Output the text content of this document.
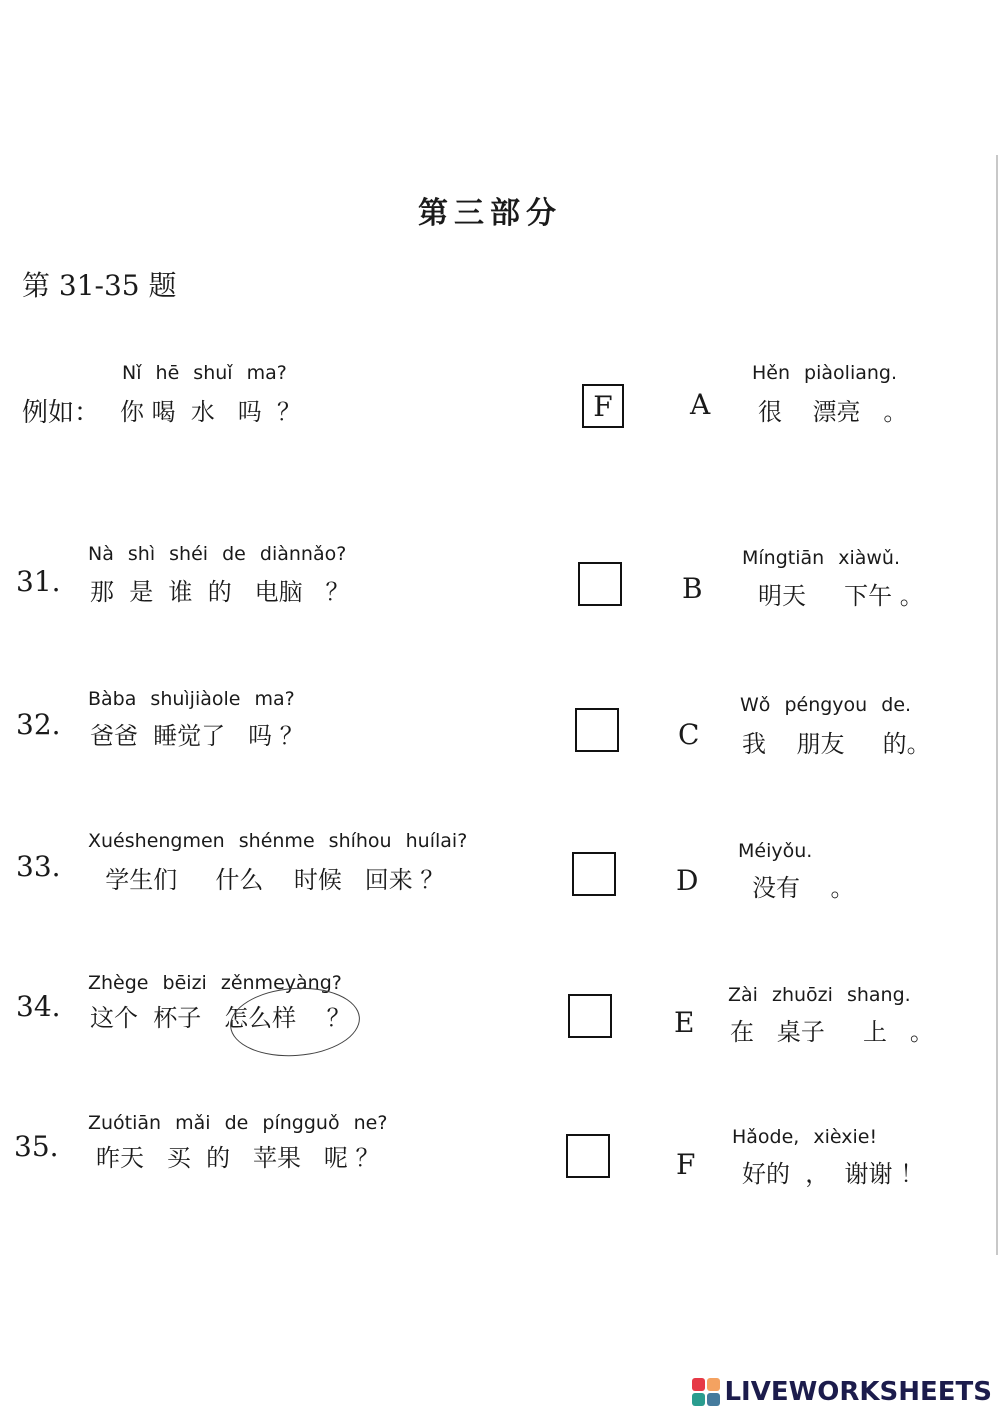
第三部分
第 31-35 题
Nǐ hē shuǐ ma?
例如： 你 喝  水   吗  ？	F
Nà shì shéi de diànnǎo?
31. 那  是  谁  的   电脑   ？
Bàba shuìjiàole ma?
32. 爸爸  睡觉了   吗 ？
Xuéshengmen shénme shíhou huílai?
33. 学生们     什么    时候   回来 ？
Zhège bēizi zěnmeyàng?
34. 这个  杯子   怎么样    ？
Zuótiān mǎi de píngguǒ ne?
35. 昨天   买  的   苹果   呢 ？
Hěn piàoliang.
A 很    漂亮   。
Míngtiān xiàwǔ.
B 明天     下午 。
Wǒ péngyou de.
C 我    朋友     的。
Méiyǒu.
D 没有    。
Zài zhuōzi shang.
E 在   桌子     上   。
Hǎode, xièxie!
F 好的  ，  谢谢 ！
LIVEWORKSHEETS
